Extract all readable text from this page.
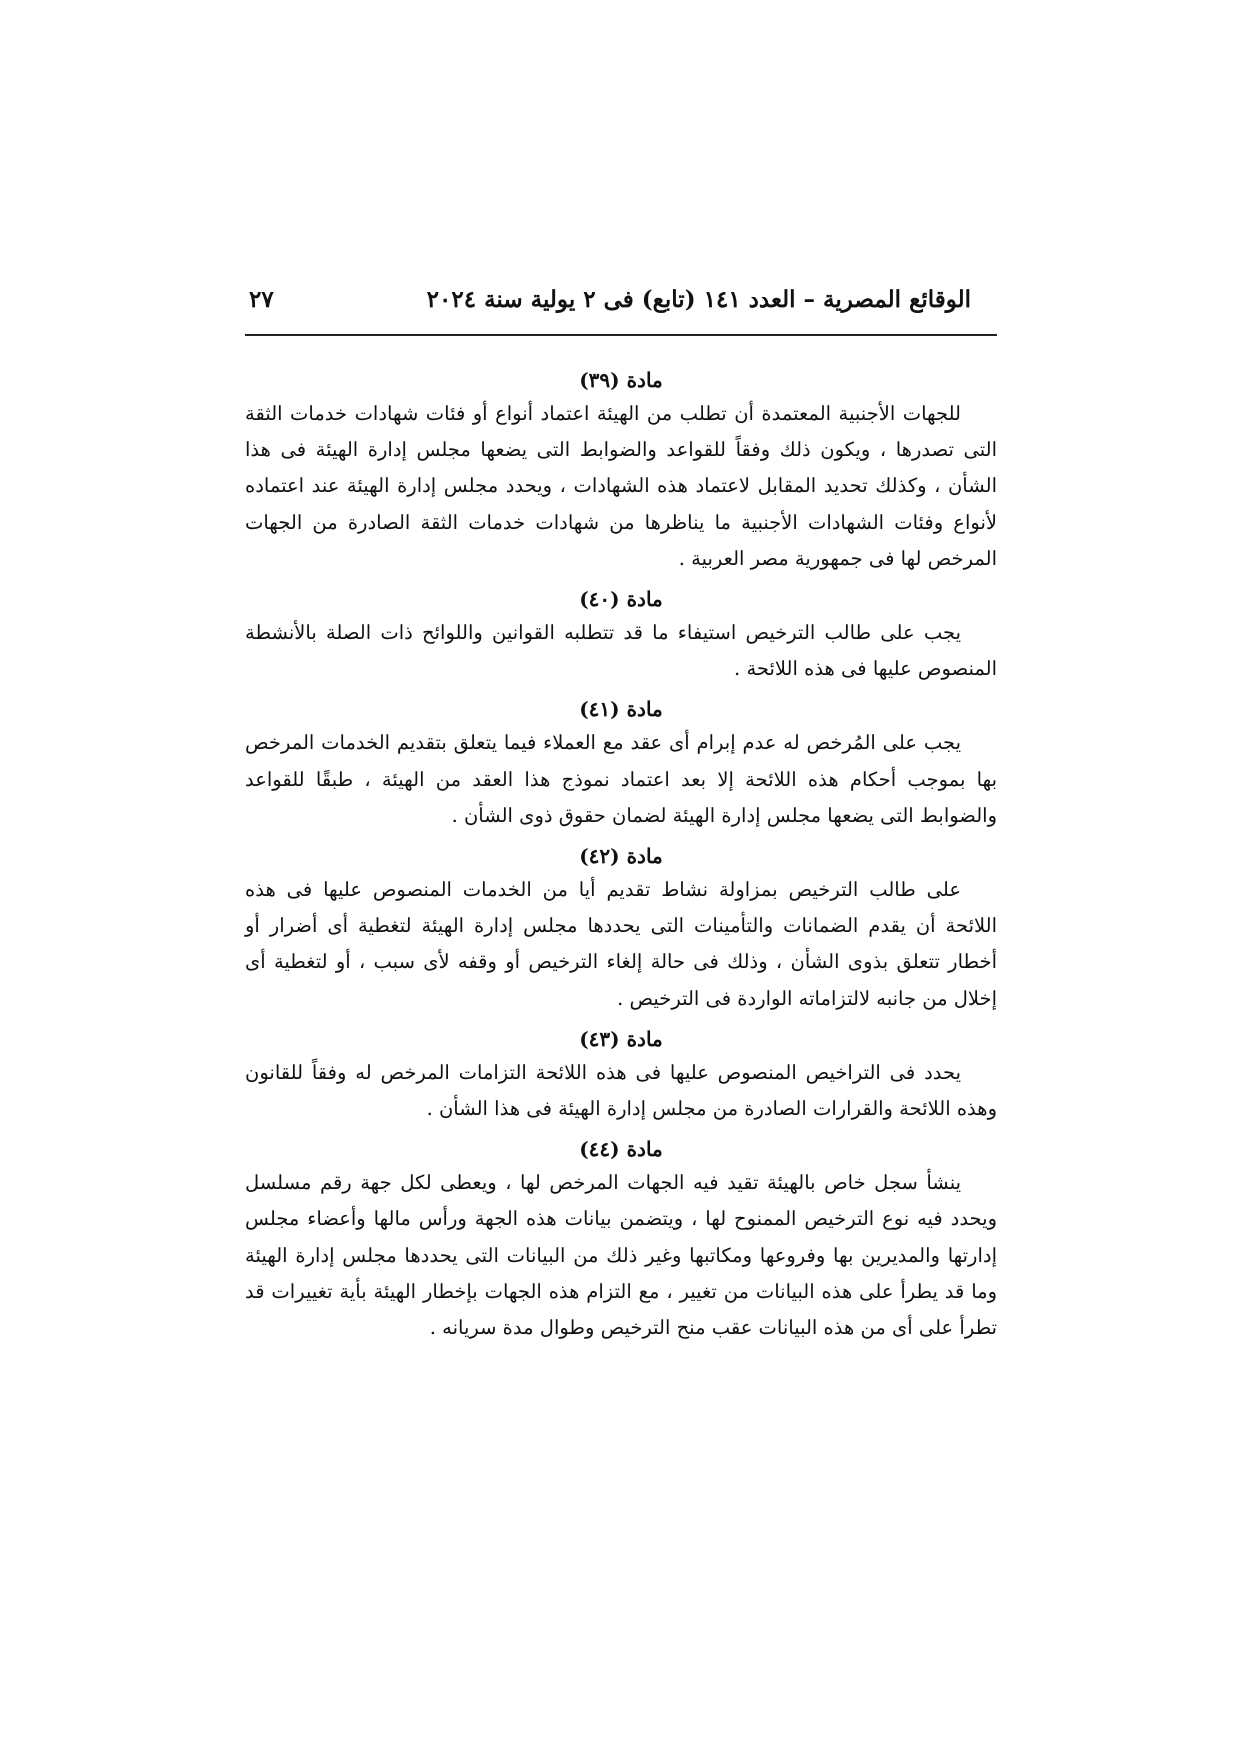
الوقائع المصرية – العدد ١٤١ (تابع) فى ٢ يولية سنة ٢٠٢٤
٢٧
مادة (٣٩)
للجهات الأجنبية المعتمدة أن تطلب من الهيئة اعتماد أنواع أو فئات شهادات خدمات الثقة التى تصدرها ، ويكون ذلك وفقاً للقواعد والضوابط التى يضعها مجلس إدارة الهيئة فى هذا الشأن ، وكذلك تحديد المقابل لاعتماد هذه الشهادات ، ويحدد مجلس إدارة الهيئة عند اعتماده لأنواع وفئات الشهادات الأجنبية ما يناظرها من شهادات خدمات الثقة الصادرة من الجهات المرخص لها فى جمهورية مصر العربية .
مادة (٤٠)
يجب على طالب الترخيص استيفاء ما قد تتطلبه القوانين واللوائح ذات الصلة بالأنشطة المنصوص عليها فى هذه اللائحة .
مادة (٤١)
يجب على المُرخص له عدم إبرام أى عقد مع العملاء فيما يتعلق بتقديم الخدمات المرخص بها بموجب أحكام هذه اللائحة إلا بعد اعتماد نموذج هذا العقد من الهيئة ، طبقًا للقواعد والضوابط التى يضعها مجلس إدارة الهيئة لضمان حقوق ذوى الشأن .
مادة (٤٢)
على طالب الترخيص بمزاولة نشاط تقديم أيا من الخدمات المنصوص عليها فى هذه اللائحة أن يقدم الضمانات والتأمينات التى يحددها مجلس إدارة الهيئة لتغطية أى أضرار أو أخطار تتعلق بذوى الشأن ، وذلك فى حالة إلغاء الترخيص أو وقفه لأى سبب ، أو لتغطية أى إخلال من جانبه لالتزاماته الواردة فى الترخيص .
مادة (٤٣)
يحدد فى التراخيص المنصوص عليها فى هذه اللائحة التزامات المرخص له وفقاً للقانون وهذه اللائحة والقرارات الصادرة من مجلس إدارة الهيئة فى هذا الشأن .
مادة (٤٤)
ينشأ سجل خاص بالهيئة تقيد فيه الجهات المرخص لها ، ويعطى لكل جهة رقم مسلسل ويحدد فيه نوع الترخيص الممنوح لها ، ويتضمن بيانات هذه الجهة ورأس مالها وأعضاء مجلس إدارتها والمديرين بها وفروعها ومكاتبها وغير ذلك من البيانات التى يحددها مجلس إدارة الهيئة وما قد يطرأ على هذه البيانات من تغيير ، مع التزام هذه الجهات بإخطار الهيئة بأية تغييرات قد تطرأ على أى من هذه البيانات عقب منح الترخيص وطوال مدة سريانه .
